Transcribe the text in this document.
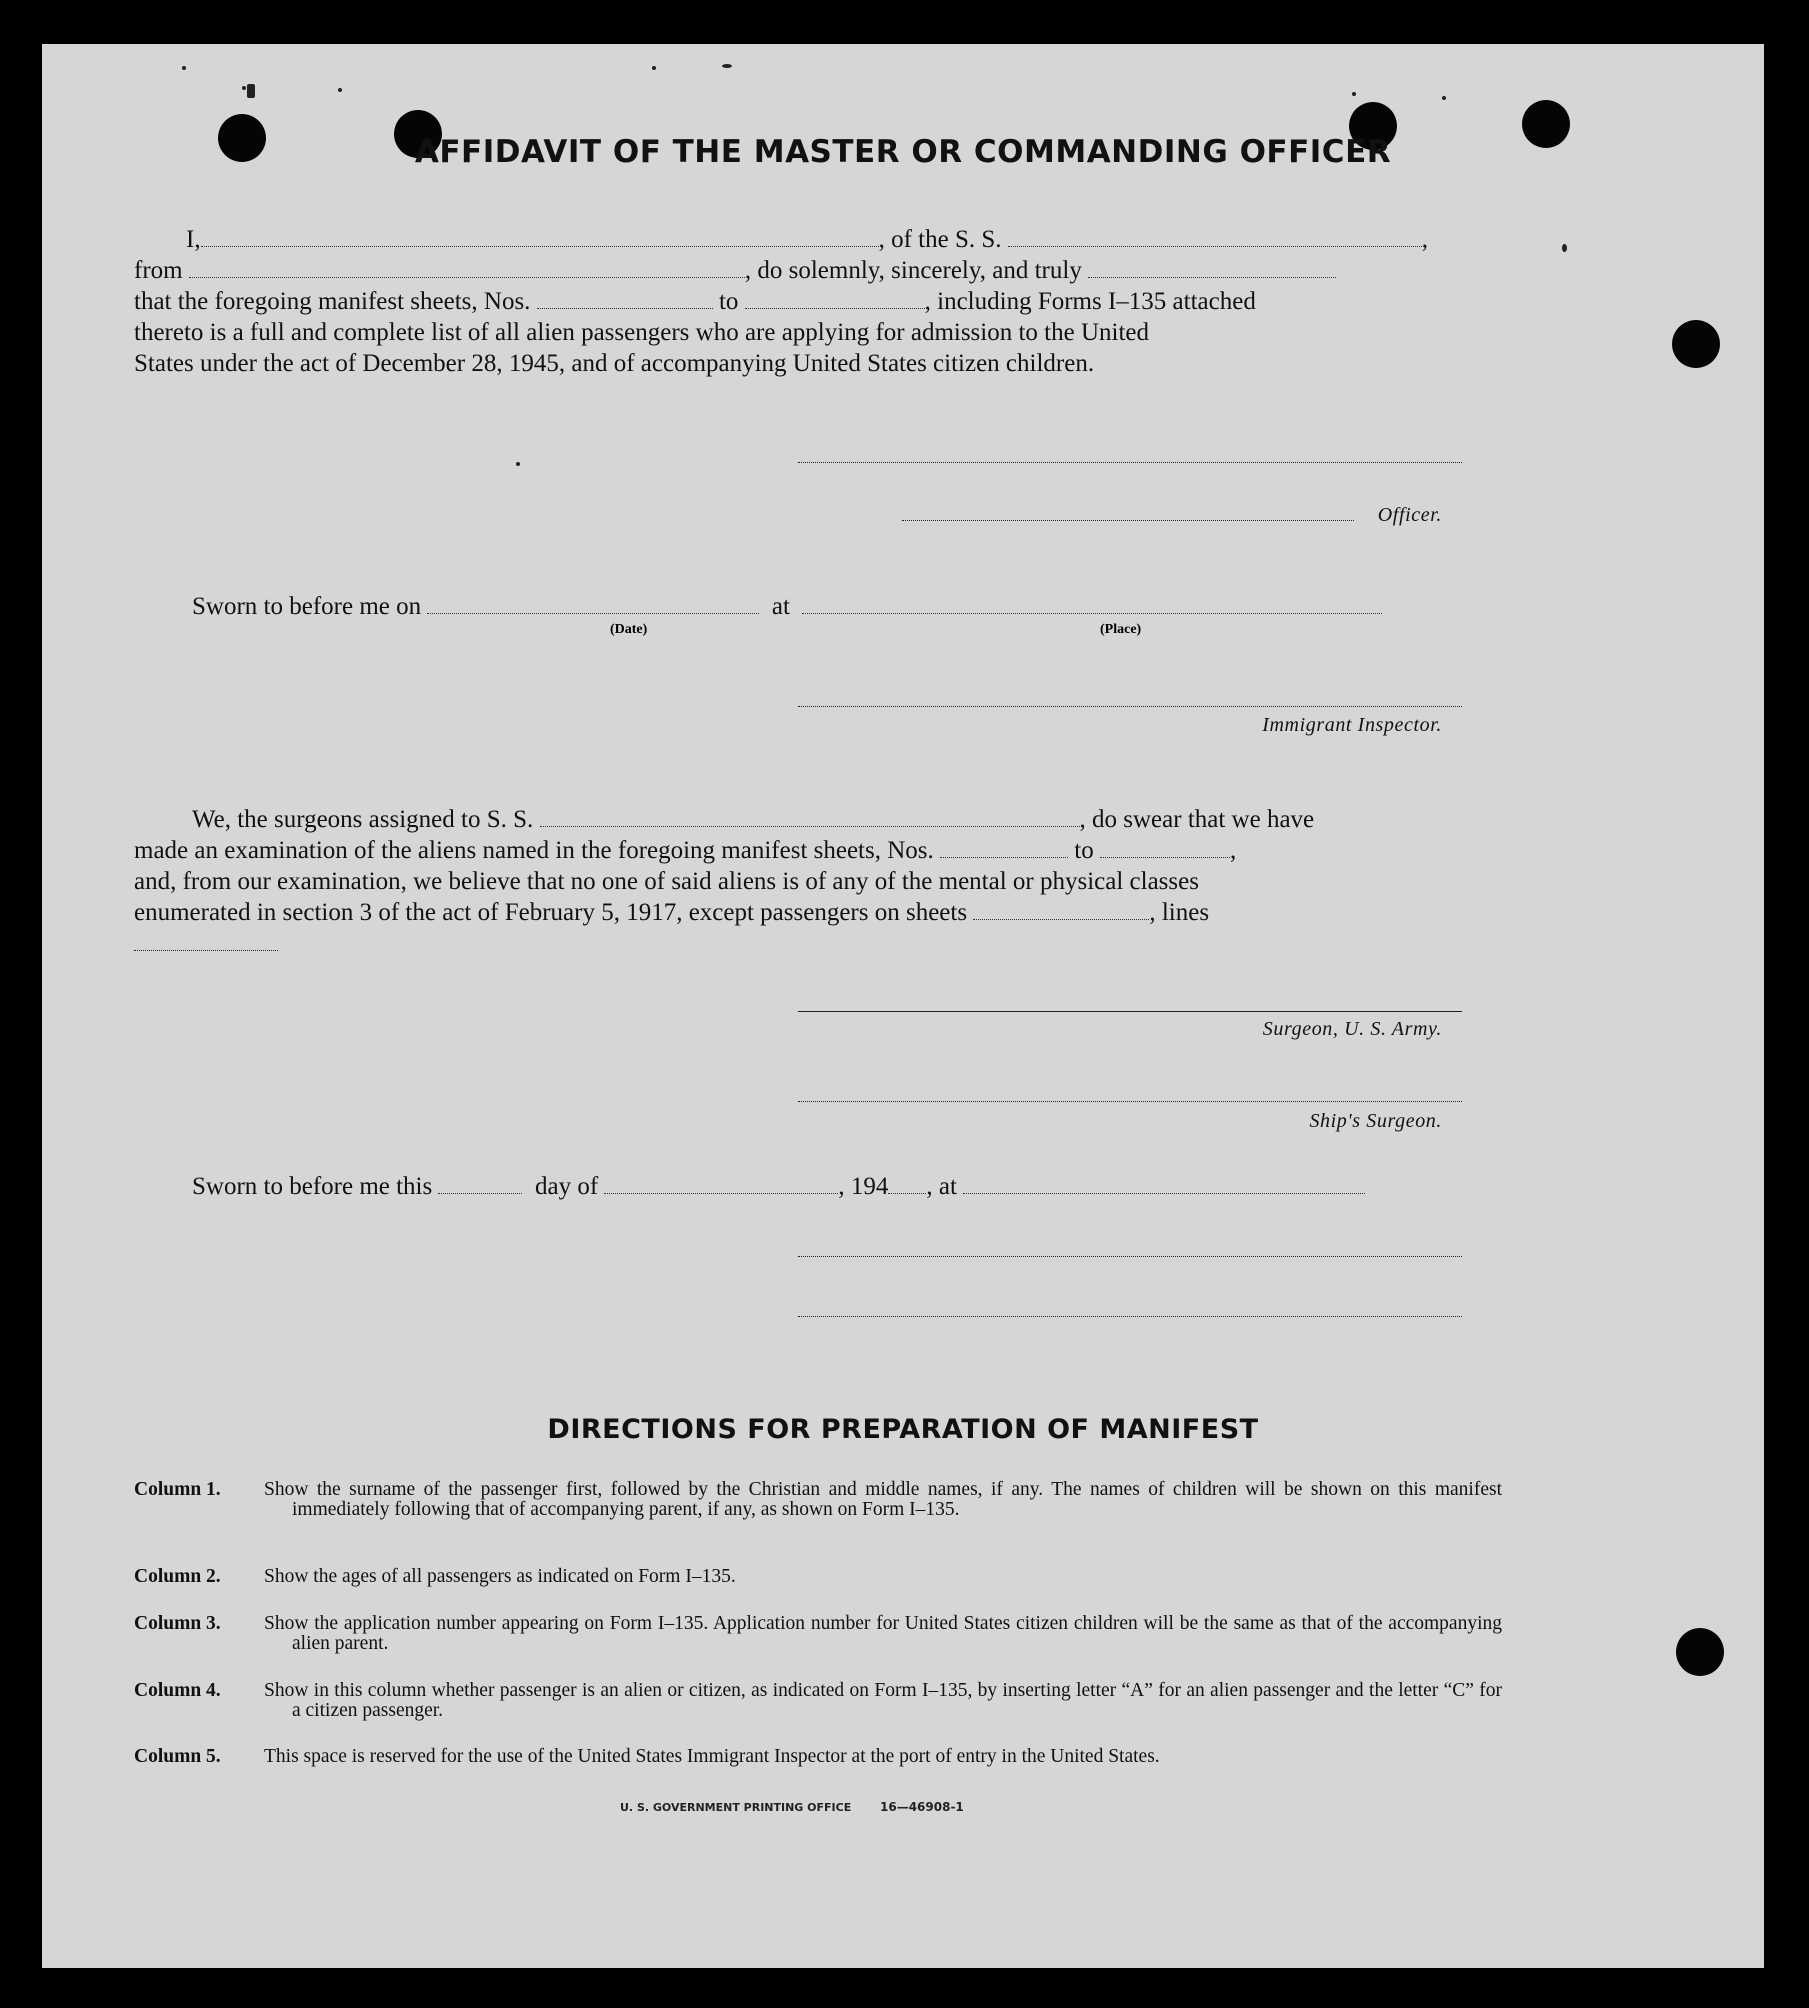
AFFIDAVIT OF THE MASTER OR COMMANDING OFFICER
I,	, of the S. S.	,
from	, do solemnly, sincerely, and truly
that the foregoing manifest sheets, Nos.	to	, including Forms I–135 attached
thereto is a full and complete list of all alien passengers who are applying for admission to the United
States under the act of December 28, 1945, and of accompanying United States citizen children.
Officer.
Sworn to before me on	at
(Date)	(Place)
Immigrant Inspector.
We, the surgeons assigned to S. S.	, do swear that we have
made an examination of the aliens named in the foregoing manifest sheets, Nos.	to	,
and, from our examination, we believe that no one of said aliens is of any of the mental or physical classes
enumerated in section 3 of the act of February 5, 1917, except passengers on sheets	, lines
Surgeon, U. S. Army.
Ship's Surgeon.
Sworn to before me this	day of	, 194 , at
DIRECTIONS FOR PREPARATION OF MANIFEST
Column 1. Show the surname of the passenger first, followed by the Christian and middle names, if any. The names of children will be shown on this manifest immediately following that of accompanying parent, if any, as shown on Form I–135.
Column 2. Show the ages of all passengers as indicated on Form I–135.
Column 3. Show the application number appearing on Form I–135. Application number for United States citizen children will be the same as that of the accompanying alien parent.
Column 4. Show in this column whether passenger is an alien or citizen, as indicated on Form I–135, by inserting letter “A” for an alien passenger and the letter “C” for a citizen passenger.
Column 5. This space is reserved for the use of the United States Immigrant Inspector at the port of entry in the United States.
U. S. GOVERNMENT PRINTING OFFICE 16—46908-1
